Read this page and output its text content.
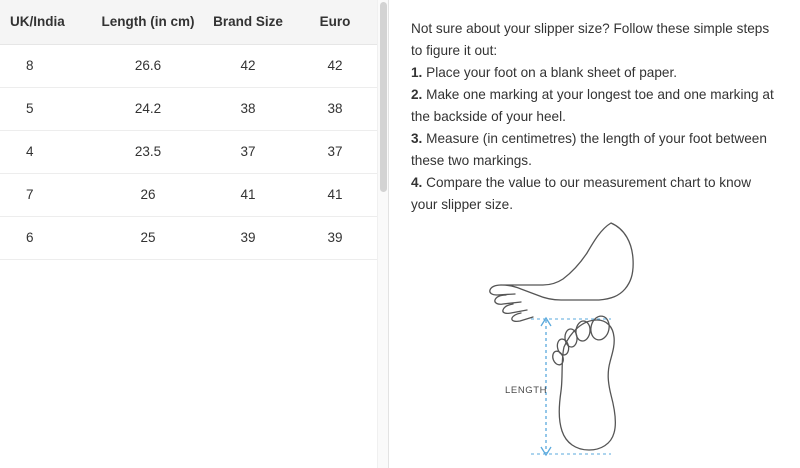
UK/India	Length (in cm)	Brand Size	Euro
8	26.6	42	42
5	24.2	38	38
4	23.5	37	37
7	26	41	41
6	25	39	39

Not sure about your slipper size? Follow these simple steps to figure it out:

1. Place your foot on a blank sheet of paper.

2. Make one marking at your longest toe and one marking at the backside of your heel.

3. Measure (in centimetres) the length of your foot between these two markings.

4. Compare the value to our measurement chart to know your slipper size.

LENGTH
